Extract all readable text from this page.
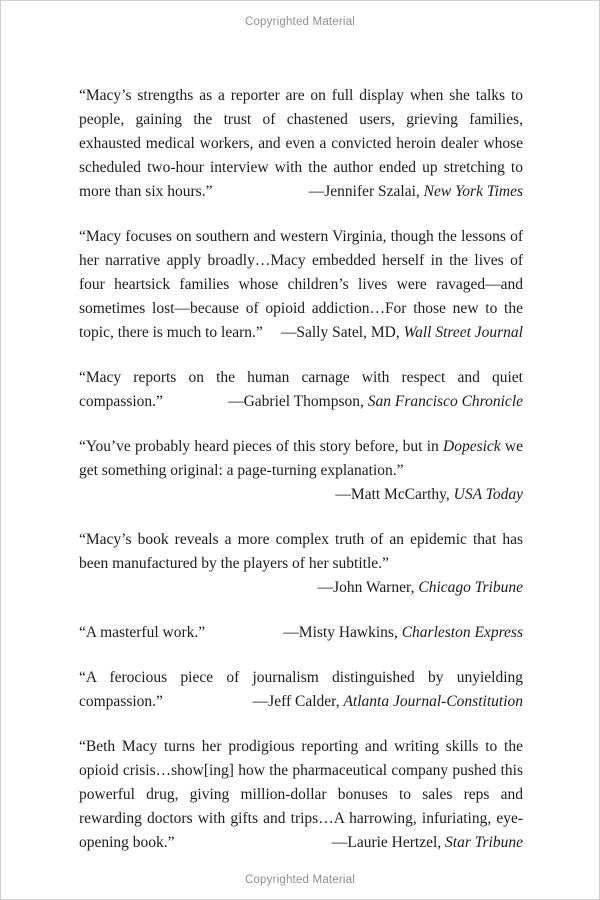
Copyrighted Material

“Macy’s strengths as a reporter are on full display when she talks to people, gaining the trust of chastened users, grieving families, exhausted medical workers, and even a convicted heroin dealer whose scheduled two-hour interview with the author ended up stretching to more than six hours.”	—Jennifer Szalai, New York Times

“Macy focuses on southern and western Virginia, though the lessons of her narrative apply broadly…Macy embedded herself in the lives of four heartsick families whose children’s lives were ravaged—and sometimes lost—because of opioid addiction…For those new to the topic, there is much to learn.” —Sally Satel, MD, Wall Street Journal

“Macy reports on the human carnage with respect and quiet compassion.”	—Gabriel Thompson, San Francisco Chronicle

“You’ve probably heard pieces of this story before, but in Dopesick we get something original: a page-turning explanation.”
—Matt McCarthy, USA Today

“Macy’s book reveals a more complex truth of an epidemic that has been manufactured by the players of her subtitle.”
—John Warner, Chicago Tribune

“A masterful work.”	—Misty Hawkins, Charleston Express

“A ferocious piece of journalism distinguished by unyielding compassion.”	—Jeff Calder, Atlanta Journal-Constitution

“Beth Macy turns her prodigious reporting and writing skills to the opioid crisis…show[ing] how the pharmaceutical company pushed this powerful drug, giving million-dollar bonuses to sales reps and rewarding doctors with gifts and trips…A harrowing, infuriating, eye-opening book.”	—Laurie Hertzel, Star Tribune

Copyrighted Material
